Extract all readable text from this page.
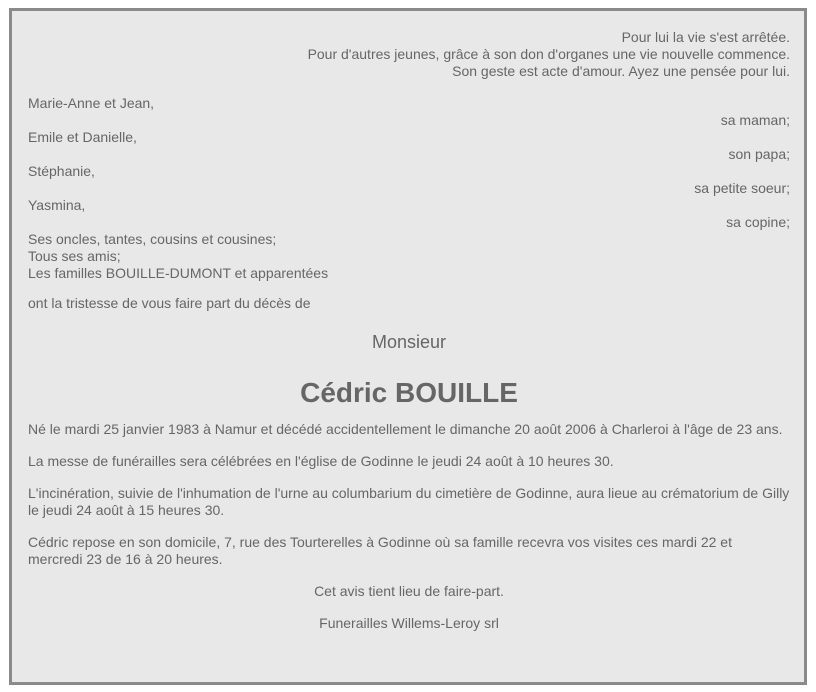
Pour lui la vie s'est arrêtée.
Pour d'autres jeunes, grâce à son don d'organes une vie nouvelle commence.
Son geste est acte d'amour. Ayez une pensée pour lui.
Marie-Anne et Jean,
sa maman;
Emile et Danielle,
son papa;
Stéphanie,
sa petite soeur;
Yasmina,
sa copine;
Ses oncles, tantes, cousins et cousines;
Tous ses amis;
Les familles BOUILLE-DUMONT et apparentées
ont la tristesse de vous faire part du décès de
Monsieur
Cédric BOUILLE

Né le mardi 25 janvier 1983 à Namur et décédé accidentellement le dimanche 20 août 2006 à Charleroi à l'âge de 23 ans.

La messe de funérailles sera célébrées en l'église de Godinne le jeudi 24 août à 10 heures 30.

L'incinération, suivie de l'inhumation de l'urne au columbarium du cimetière de Godinne, aura lieue au crématorium de Gilly le jeudi 24 août à 15 heures 30.

Cédric repose en son domicile, 7, rue des Tourterelles à Godinne où sa famille recevra vos visites ces mardi 22 et mercredi 23 de 16 à 20 heures.

Cet avis tient lieu de faire-part.

Funerailles Willems-Leroy srl
